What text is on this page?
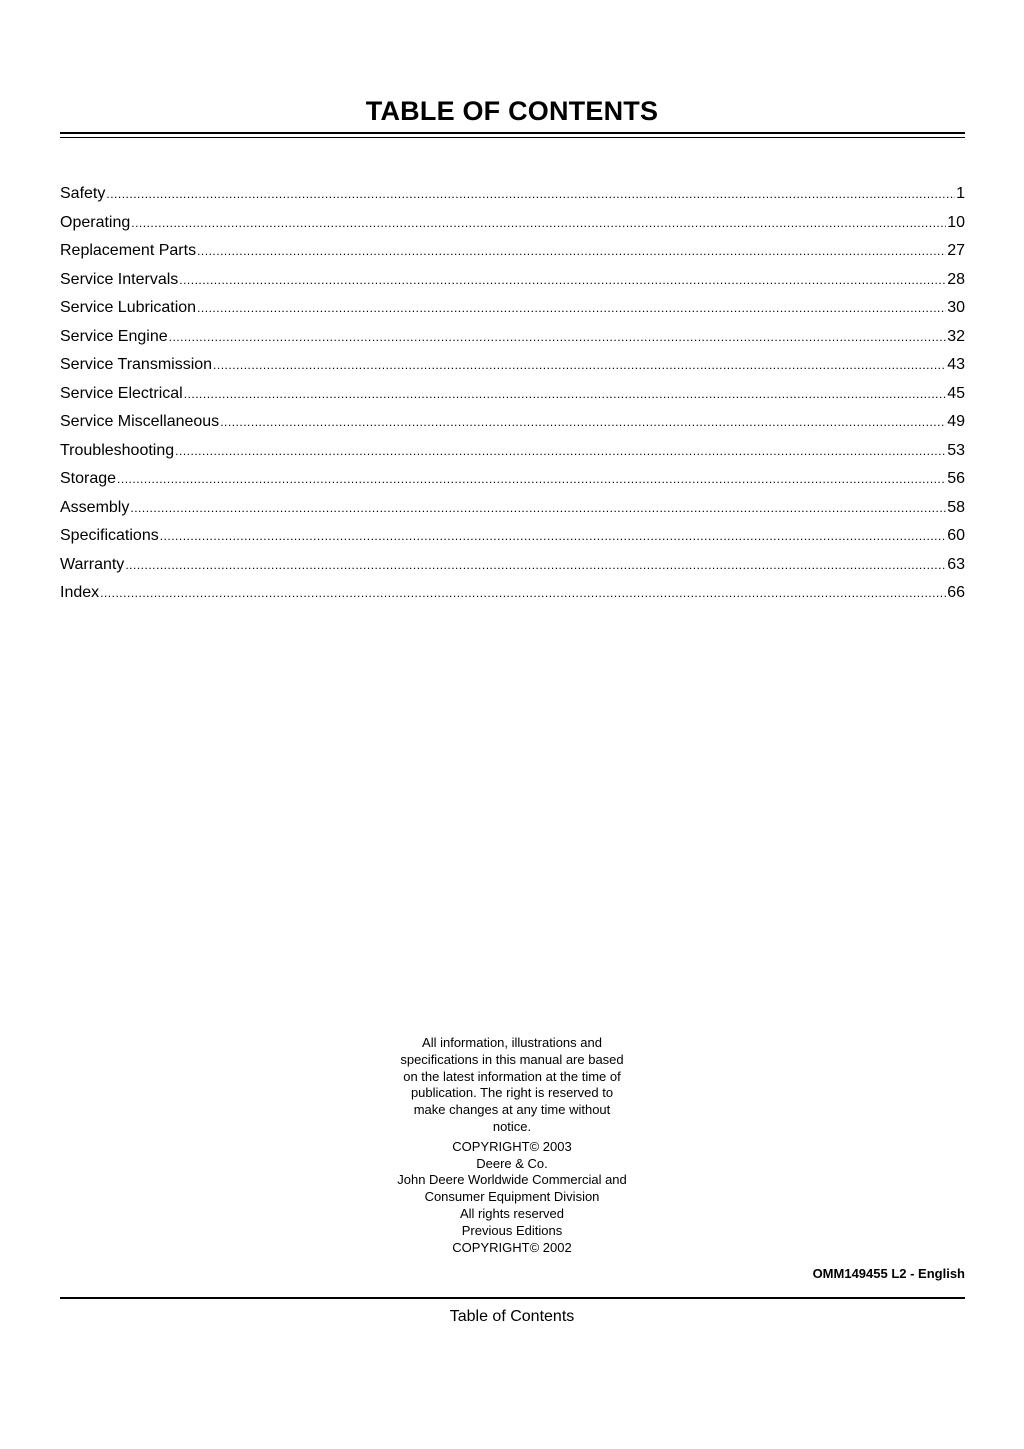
TABLE OF CONTENTS
Safety .....	1
Operating .....	10
Replacement Parts .....	27
Service Intervals .....	28
Service Lubrication .....	30
Service Engine .....	32
Service Transmission .....	43
Service Electrical .....	45
Service Miscellaneous .....	49
Troubleshooting .....	53
Storage .....	56
Assembly .....	58
Specifications .....	60
Warranty .....	63
Index .....	66

All information, illustrations and

specifications in this manual are based

on the latest information at the time of

publication. The right is reserved to

make changes at any time without

notice.

COPYRIGHT© 2003

Deere & Co.

John Deere Worldwide Commercial and

Consumer Equipment Division

All rights reserved

Previous Editions

COPYRIGHT© 2002

OMM149455 L2 - English
Table of Contents
